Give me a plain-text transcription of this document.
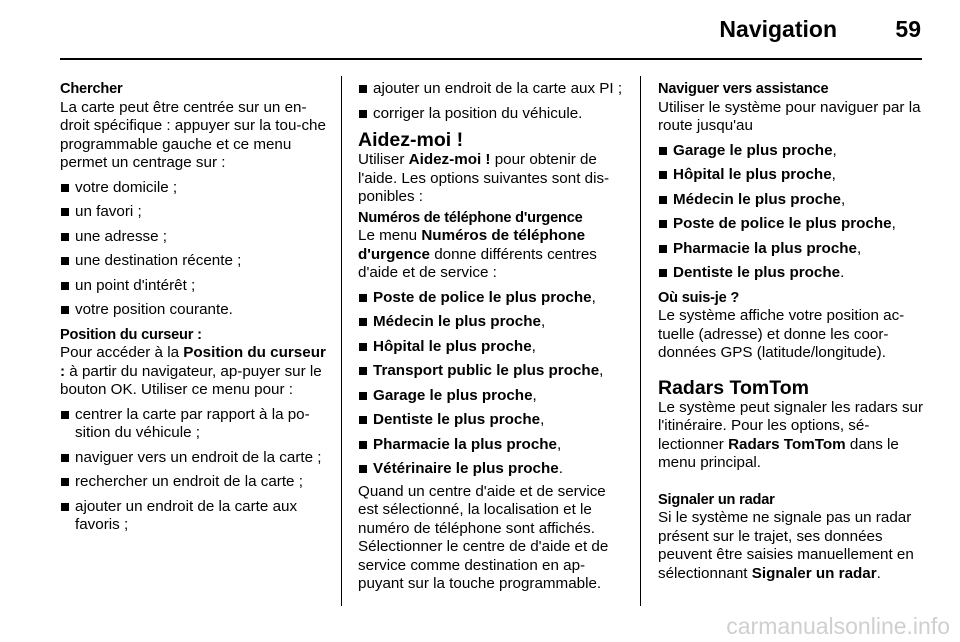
Navigation	59

Chercher

La carte peut être centrée sur un en-droit spécifique : appuyer sur la tou-che programmable gauche et ce menu permet un centrage sur :

votre domicile ;
un favori ;
une adresse ;
une destination récente ;
un point d'intérêt ;
votre position courante.

Position du curseur :

Pour accéder à la Position du curseur : à partir du navigateur, ap-puyer sur le bouton OK. Utiliser ce menu pour :

centrer la carte par rapport à la po-sition du véhicule ;
naviguer vers un endroit de la carte ;
rechercher un endroit de la carte ;
ajouter un endroit de la carte aux favoris ;
ajouter un endroit de la carte aux PI ;
corriger la position du véhicule.

Aidez-moi !

Utiliser Aidez-moi ! pour obtenir de l'aide. Les options suivantes sont dis-ponibles :

Numéros de téléphone d'urgence

Le menu Numéros de téléphone d'urgence donne différents centres d'aide et de service :

Poste de police le plus proche,
Médecin le plus proche,
Hôpital le plus proche,
Transport public le plus proche,
Garage le plus proche,
Dentiste le plus proche,
Pharmacie la plus proche,
Vétérinaire le plus proche.

Quand un centre d'aide et de service est sélectionné, la localisation et le numéro de téléphone sont affichés. Sélectionner le centre de d'aide et de service comme destination en ap-puyant sur la touche programmable.

Naviguer vers assistance

Utiliser le système pour naviguer par la route jusqu'au

Garage le plus proche,
Hôpital le plus proche,
Médecin le plus proche,
Poste de police le plus proche,
Pharmacie la plus proche,
Dentiste le plus proche.

Où suis-je ?

Le système affiche votre position ac-tuelle (adresse) et donne les coor-données GPS (latitude/longitude).

Radars TomTom

Le système peut signaler les radars sur l'itinéraire. Pour les options, sé-lectionner Radars TomTom dans le menu principal.

Signaler un radar

Si le système ne signale pas un radar présent sur le trajet, ses données peuvent être saisies manuellement en sélectionnant Signaler un radar.

carmanualsonline.info
